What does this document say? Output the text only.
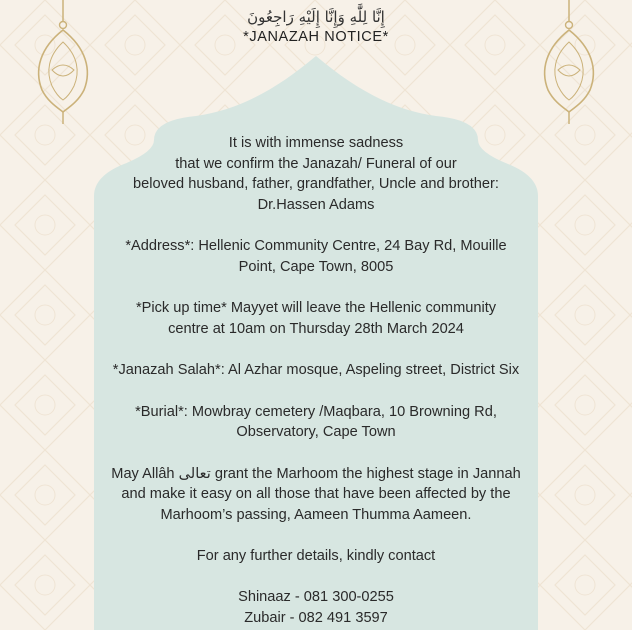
إِنَّا لِلَّٰهِ وَإِنَّا إِلَيْهِ رَاجِعُونَ
*JANAZAH NOTICE*

It is with immense sadness

that we confirm the Janazah/ Funeral of our

beloved husband, father, grandfather, Uncle and brother:

Dr.Hassen Adams

*Address*: Hellenic Community Centre, 24 Bay Rd, Mouille

Point, Cape Town, 8005

*Pick up time* Mayyet will leave the Hellenic community

centre at 10am on Thursday 28th March 2024

*Janazah Salah*: Al Azhar mosque, Aspeling street, District Six

*Burial*: Mowbray cemetery /Maqbara, 10 Browning Rd,

Observatory, Cape Town

May Allâh تعالى grant the Marhoom the highest stage in Jannah

and make it easy on all those that have been affected by the

Marhoom’s passing, Aameen Thumma Aameen.

For any further details, kindly contact

Shinaaz - 081 300-0255

Zubair - 082 491 3597
